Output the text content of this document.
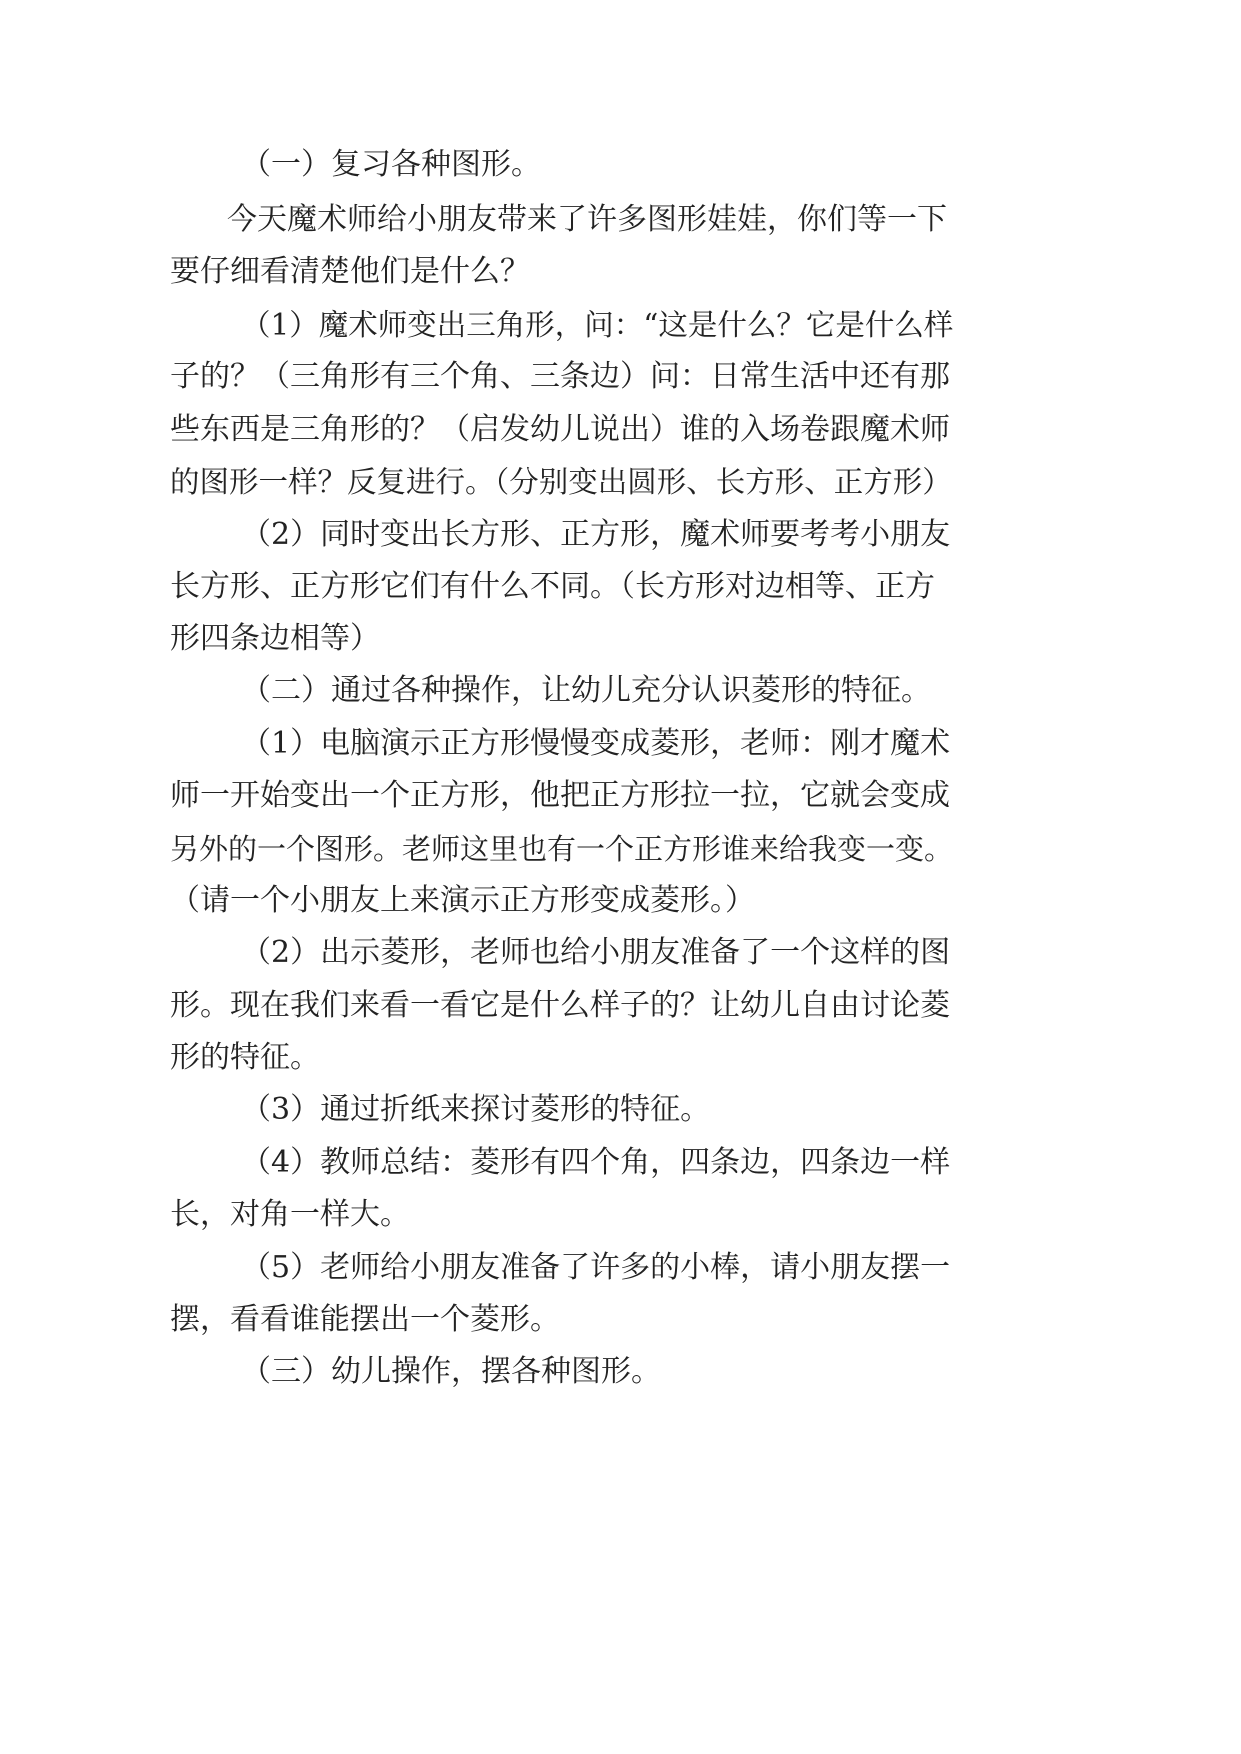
（一）复习各种图形。

今天魔术师给小朋友带来了许多图形娃娃，你们等一下

要仔细看清楚他们是什么？

（1）魔术师变出三角形，问：“这是什么？它是什么样

子的？（三角形有三个角、三条边）问：日常生活中还有那

些东西是三角形的？（启发幼儿说出）谁的入场卷跟魔术师

的图形一样？反复进行。（分别变出圆形、长方形、正方形）

（2）同时变出长方形、正方形，魔术师要考考小朋友

长方形、正方形它们有什么不同。（长方形对边相等、正方

形四条边相等）

（二）通过各种操作，让幼儿充分认识菱形的特征。

（1）电脑演示正方形慢慢变成菱形，老师：刚才魔术

师一开始变出一个正方形，他把正方形拉一拉，它就会变成

另外的一个图形。老师这里也有一个正方形谁来给我变一变。

（请一个小朋友上来演示正方形变成菱形。）

（2）出示菱形，老师也给小朋友准备了一个这样的图

形。现在我们来看一看它是什么样子的？让幼儿自由讨论菱

形的特征。

（3）通过折纸来探讨菱形的特征。

（4）教师总结：菱形有四个角，四条边，四条边一样

长，对角一样大。

（5）老师给小朋友准备了许多的小棒，请小朋友摆一

摆，看看谁能摆出一个菱形。

（三）幼儿操作，摆各种图形。
